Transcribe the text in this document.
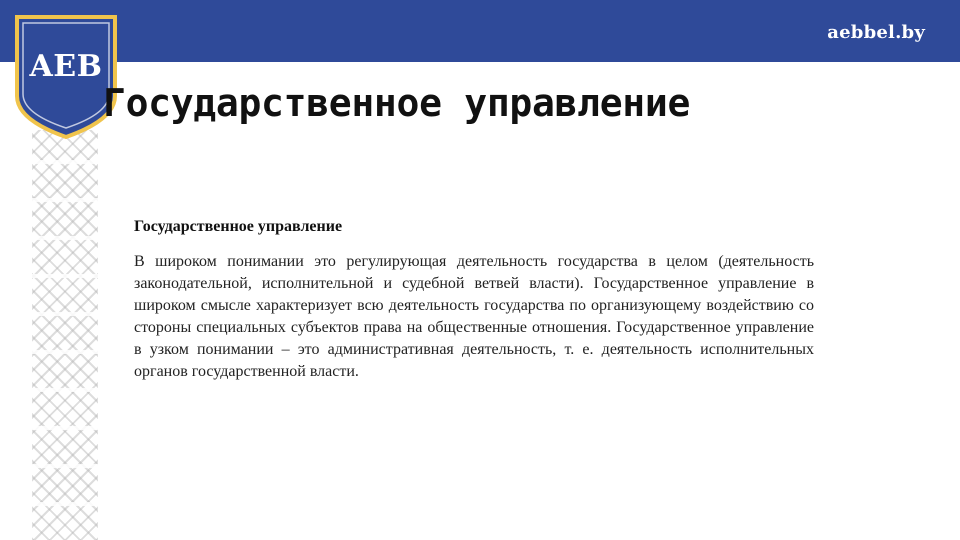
aebbel.by
AEB
Государственное управление
Государственное управление

В широком понимании это регулирующая деятельность государства в целом (деятельность законодательной, исполнительной и судебной ветвей власти). Государственное управление в широком смысле характеризует всю деятельность государства по организующему воздействию со стороны специальных субъектов права на общественные отношения. Государственное управление в узком понимании – это административная деятельность, т. е. деятельность исполнительных органов государственной власти.
